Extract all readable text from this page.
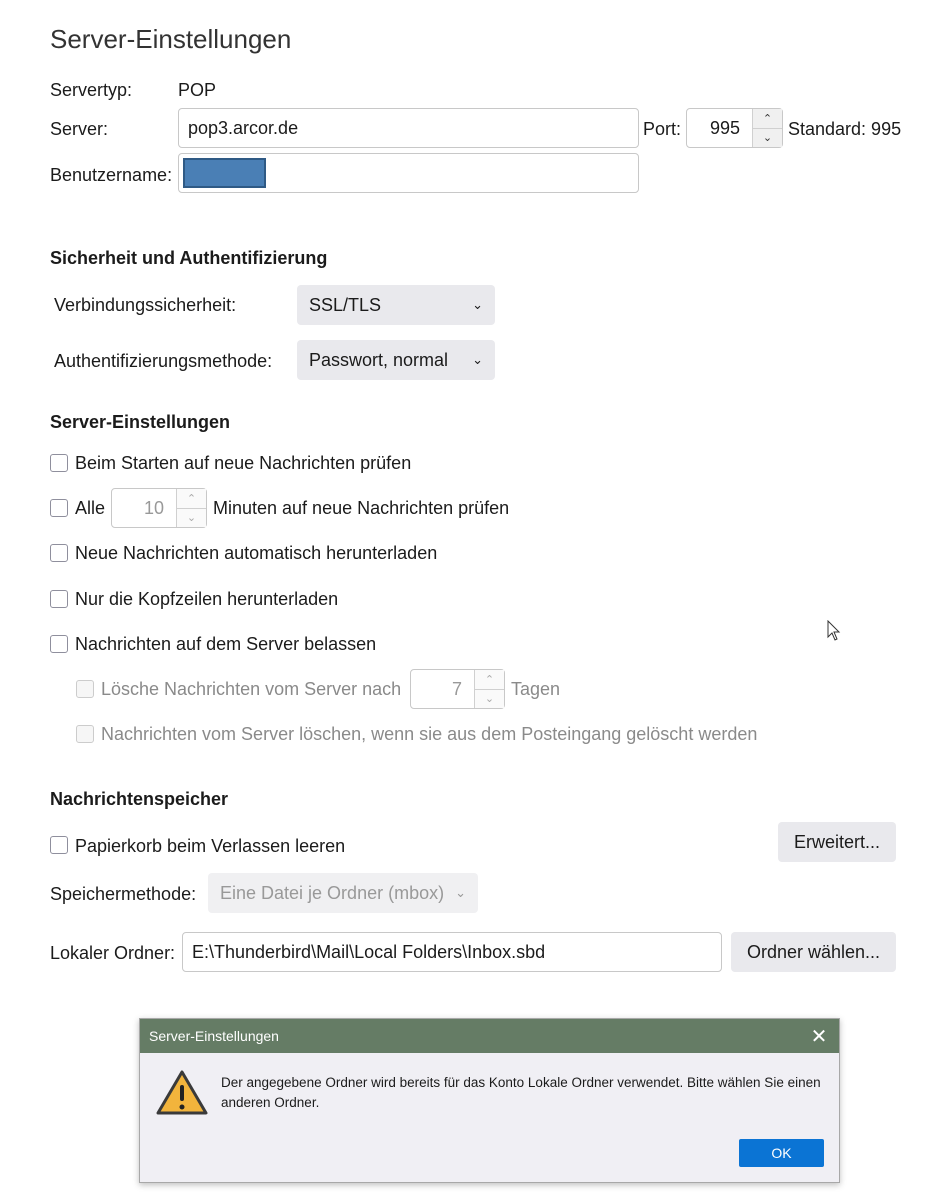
Server-Einstellungen
Servertyp:	POP
Server:	pop3.arcor.de	Port:	995	⌃
⌄ Standard: 995
Benutzername:
Sicherheit und Authentifizierung
Verbindungssicherheit:	SSL/TLS	⌄
Authentifizierungsmethode: Passwort, normal ⌄
Server-Einstellungen
Beim Starten auf neue Nachrichten prüfen
Alle	10	⌃
⌄
Minuten auf neue Nachrichten prüfen
Neue Nachrichten automatisch herunterladen
Nur die Kopfzeilen herunterladen
Nachrichten auf dem Server belassen
Lösche Nachrichten vom Server nach	7	⌃
⌄
Tagen
Nachrichten vom Server löschen, wenn sie aus dem Posteingang gelöscht werden
Nachrichtenspeicher
Papierkorb beim Verlassen leeren	Erweitert...
Speichermethode: Eine Datei je Ordner (mbox) ⌄
Lokaler Ordner: E:\Thunderbird\Mail\Local Folders\Inbox.sbd	Ordner wählen...
Server-Einstellungen	✕
Der angegebene Ordner wird bereits für das Konto Lokale Ordner verwendet. Bitte wählen Sie einen anderen Ordner.
OK
